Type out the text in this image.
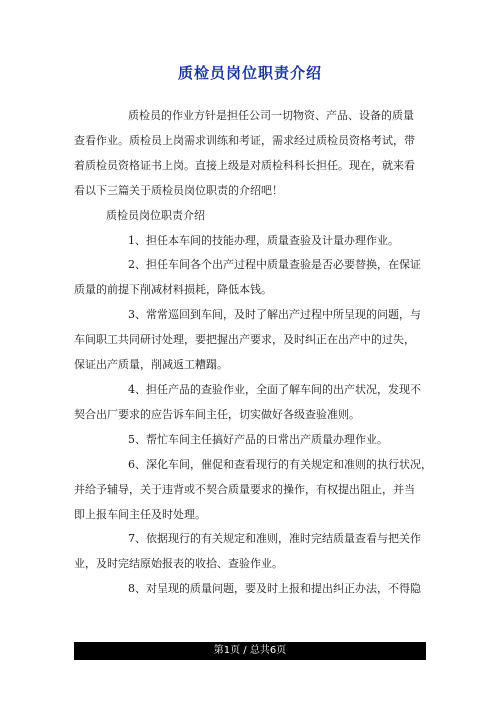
质检员岗位职责介绍

质检员的作业方针是担任公司一切物资、产品、设备的质量
查看作业。质检员上岗需求训练和考证，需求经过质检员资格考试，带
着质检员资格证书上岗。直接上级是对质检科科长担任。现在，就来看
看以下三篇关于质检员岗位职责的介绍吧！

质检员岗位职责介绍

1、担任本车间的技能办理，质量查验及计量办理作业。

2、担任车间各个出产过程中质量查验是否必要替换，在保证
质量的前提下削减材料损耗，降低本钱。

3、常常巡回到车间，及时了解出产过程中所呈现的问题，与
车间职工共同研讨处理，要把握出产要求，及时纠正在出产中的过失，
保证出产质量，削减返工糟蹋。

4、担任产品的查验作业，全面了解车间的出产状况，发现不
契合出厂要求的应告诉车间主任，切实做好各级查验准则。

5、帮忙车间主任搞好产品的日常出产质量办理作业。

6、深化车间，催促和查看现行的有关规定和准则的执行状况，
并给予辅导，关于违背或不契合质量要求的操作，有权提出阻止，并当
即上报车间主任及时处理。

7、依据现行的有关规定和准则，准时完结质量查看与把关作
业，及时完结原始报表的收拾、查验作业。

8、对呈现的质量问题，要及时上报和提出纠正办法，不得隐

第1页 / 总共6页
